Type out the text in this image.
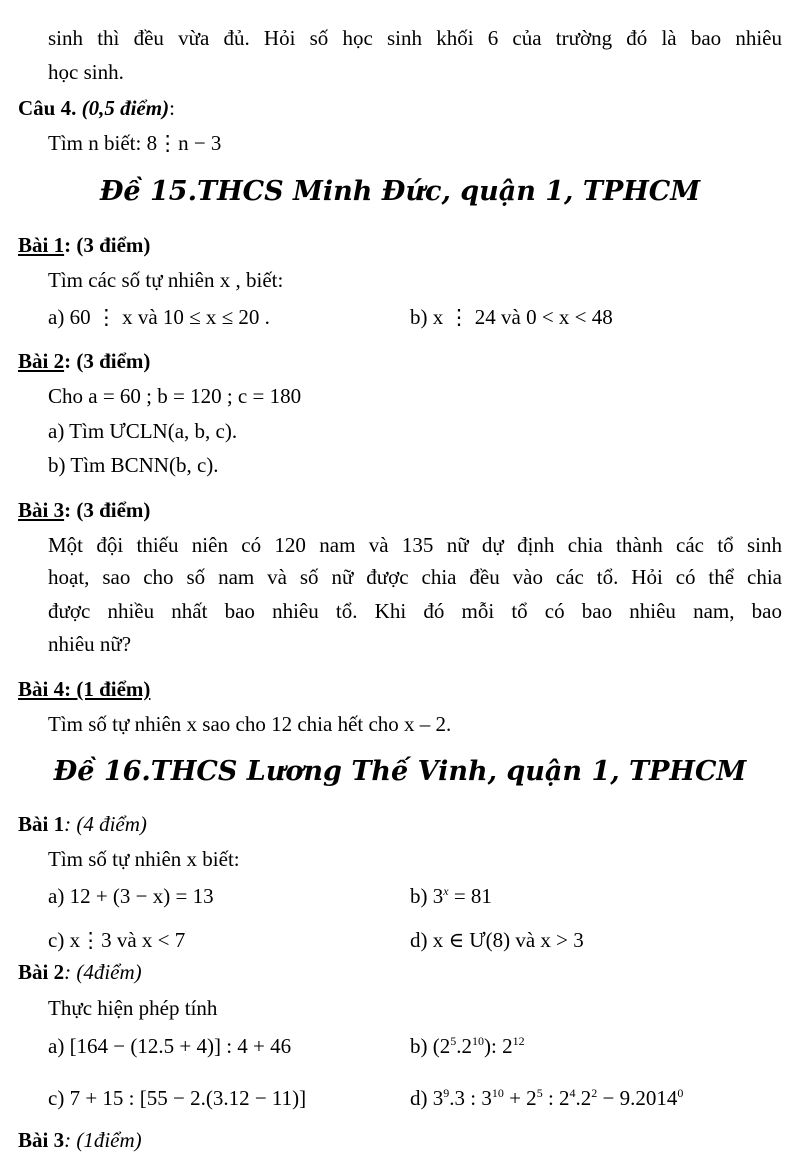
sinh thì đều vừa đủ. Hỏi số học sinh khối 6 của trường đó là bao nhiêu
học sinh.
Câu 4. (0,5 điểm):
Tìm n biết: 8⋮n − 3
Đề 15.THCS Minh Đức, quận 1, TPHCM
Bài 1: (3 điểm)
Tìm các số tự nhiên x , biết:
a) 60 ⋮ x và 10 ≤ x ≤ 20 .	b) x ⋮ 24 và 0 < x < 48
Bài 2: (3 điểm)
Cho a = 60 ; b = 120 ; c = 180
a) Tìm ƯCLN(a, b, c).
b) Tìm BCNN(b, c).
Bài 3: (3 điểm)
Một đội thiếu niên có 120 nam và 135 nữ dự định chia thành các tổ sinh
hoạt, sao cho số nam và số nữ được chia đều vào các tổ. Hỏi có thể chia
được nhiều nhất bao nhiêu tổ. Khi đó mỗi tổ có bao nhiêu nam, bao
nhiêu nữ?
Bài 4: (1 điểm)
Tìm số tự nhiên x sao cho 12 chia hết cho x – 2.
Đề 16.THCS Lương Thế Vinh, quận 1, TPHCM
Bài 1: (4 điểm)
Tìm số tự nhiên x biết:
a) 12 + (3 − x) = 13	b) $3^x = 81$
c) x⋮3 và x < 7	d) x ∈ Ư(8) và x > 3
Bài 2: (4điểm)
Thực hiện phép tính
a) [164 − (12.5 + 4)] : 4 + 46	b) $(2^5.2^{10})$: $2^{12}$
c) 7 + 15 : [55 − 2.(3.12 − 11)]	d) $3^9.3$ : $3^{10} + 2^5$ : $2^4.2^2 - 9.2014^0$
Bài 3: (1điểm)
